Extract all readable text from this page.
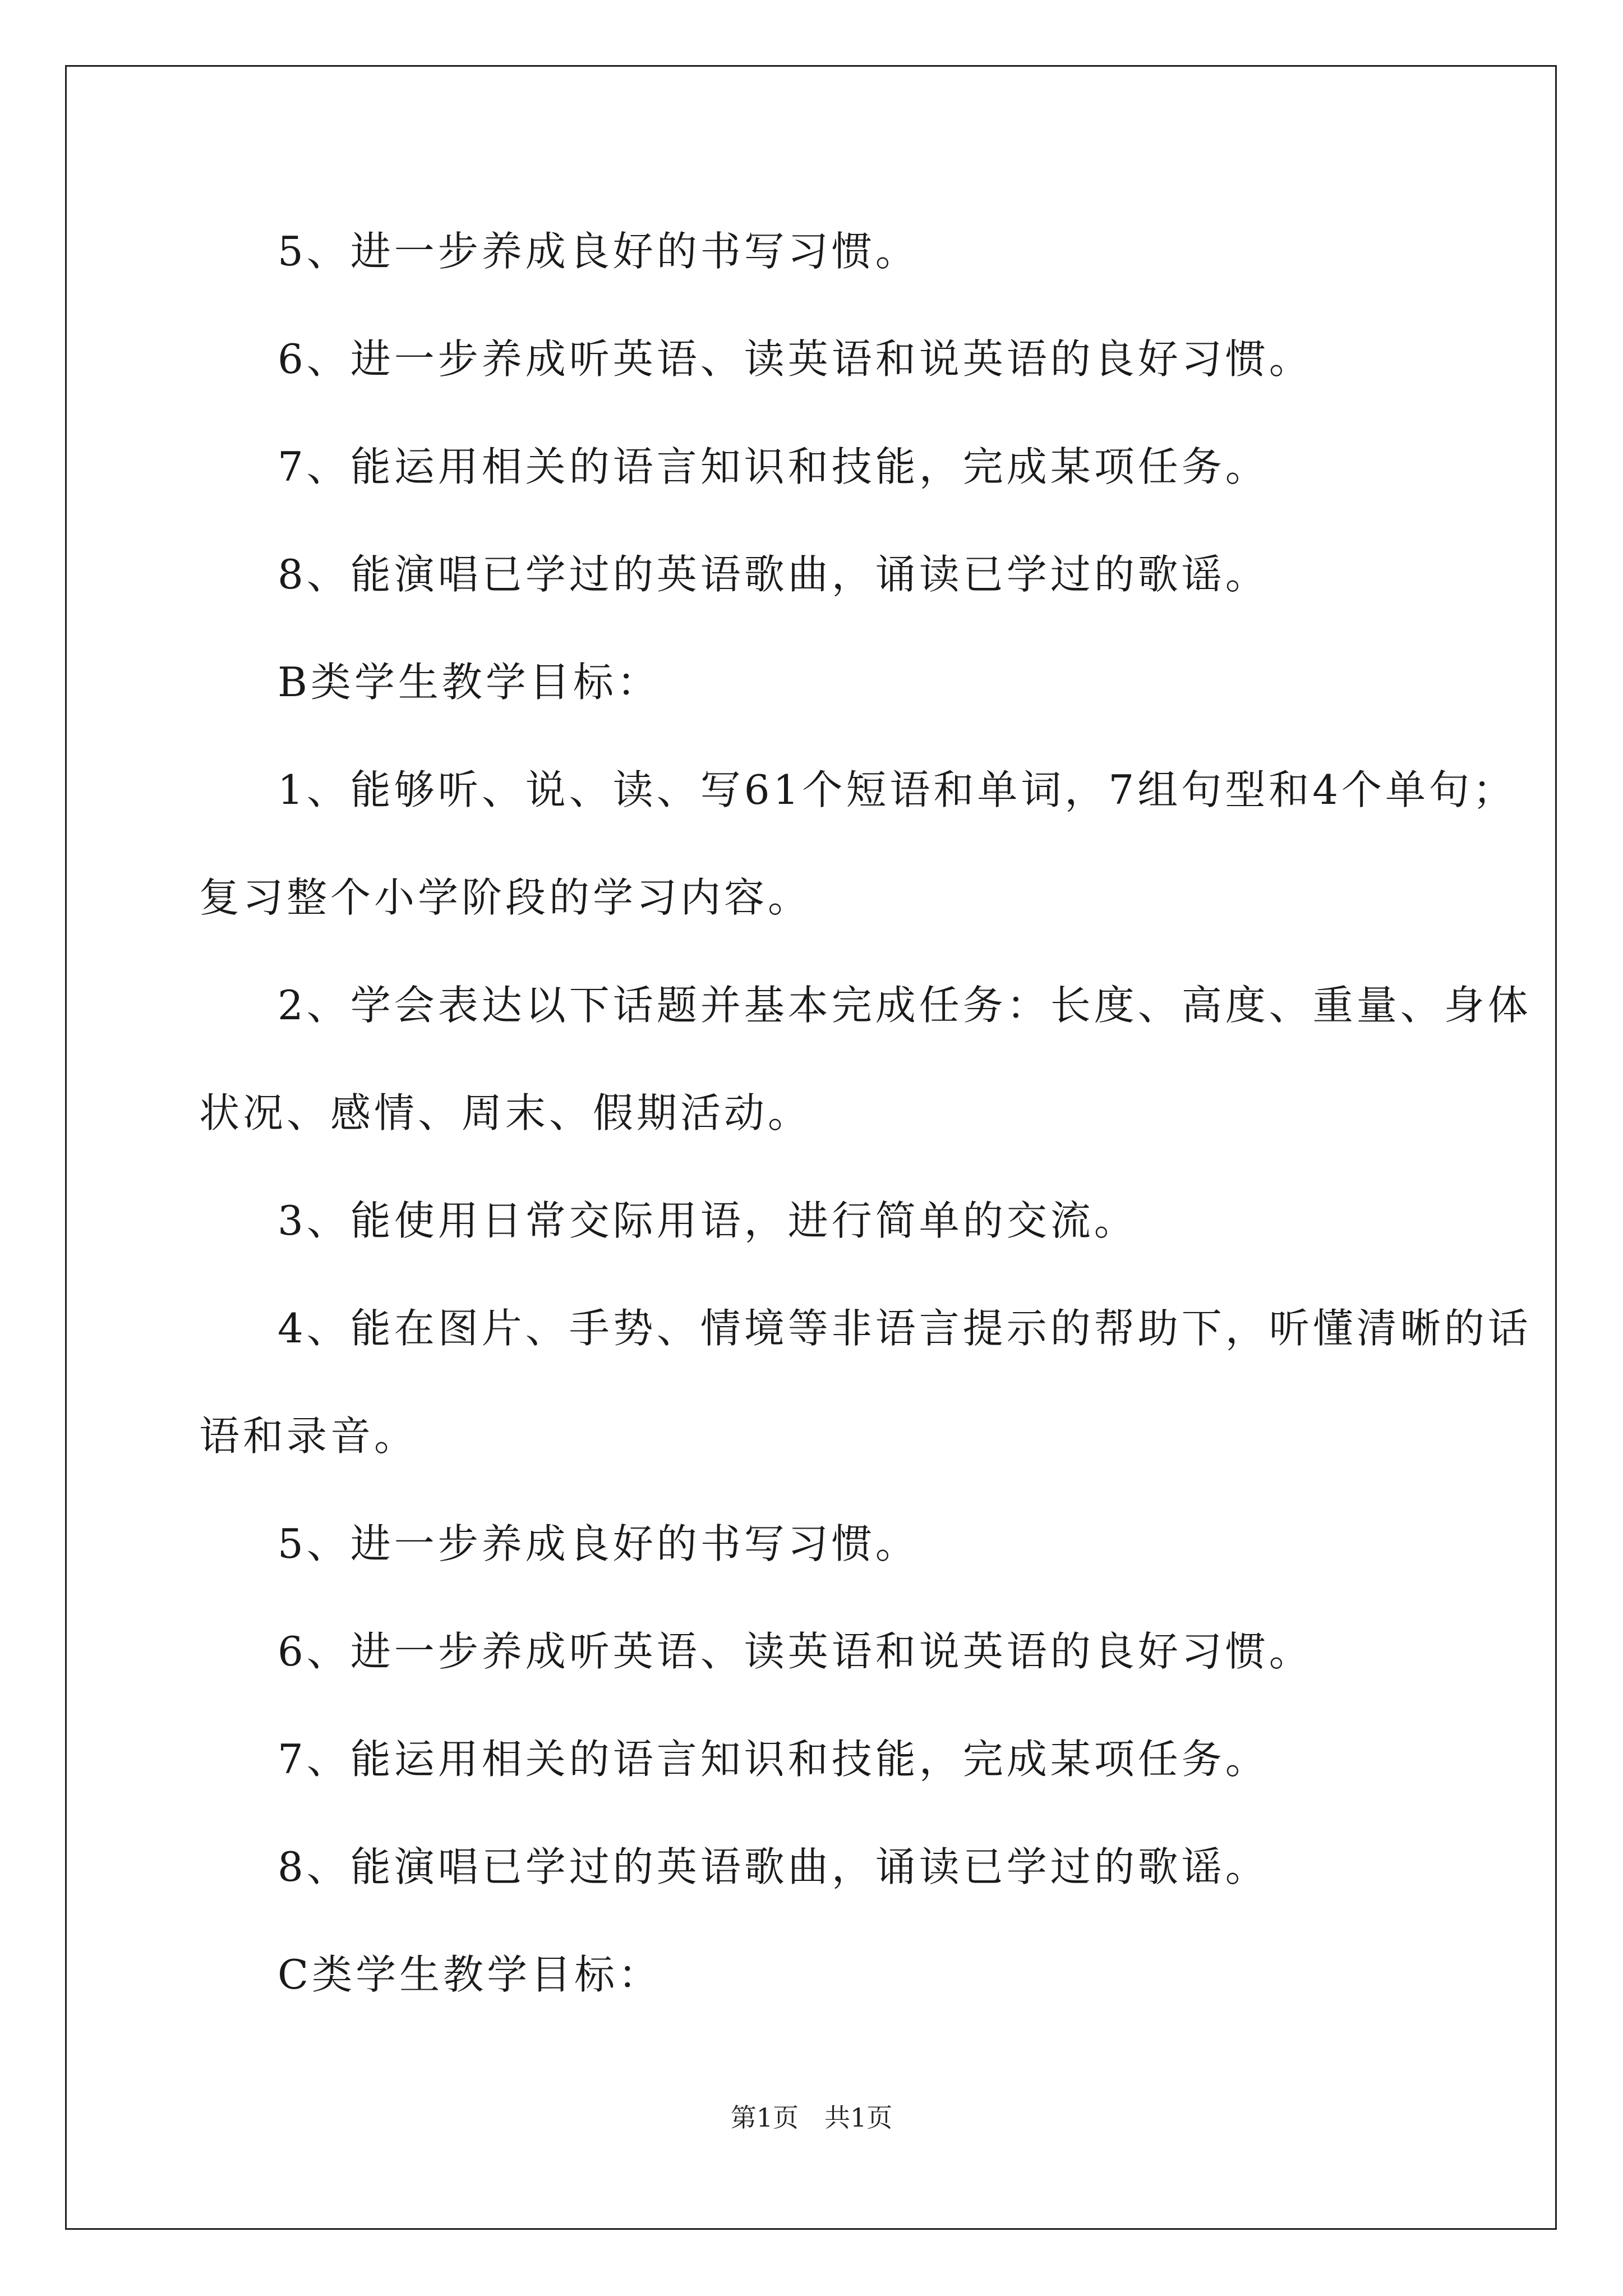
5、进一步养成良好的书写习惯。
6、进一步养成听英语、读英语和说英语的良好习惯。
7、能运用相关的语言知识和技能，完成某项任务。
8、能演唱已学过的英语歌曲，诵读已学过的歌谣。
B类学生教学目标：
1、能够听、说、读、写61个短语和单词，7组句型和4个单句；
复习整个小学阶段的学习内容。
2、学会表达以下话题并基本完成任务：长度、高度、重量、身体
状况、感情、周末、假期活动。
3、能使用日常交际用语，进行简单的交流。
4、能在图片、手势、情境等非语言提示的帮助下，听懂清晰的话
语和录音。
5、进一步养成良好的书写习惯。
6、进一步养成听英语、读英语和说英语的良好习惯。
7、能运用相关的语言知识和技能，完成某项任务。
8、能演唱已学过的英语歌曲，诵读已学过的歌谣。
C类学生教学目标：
第1页　共1页
